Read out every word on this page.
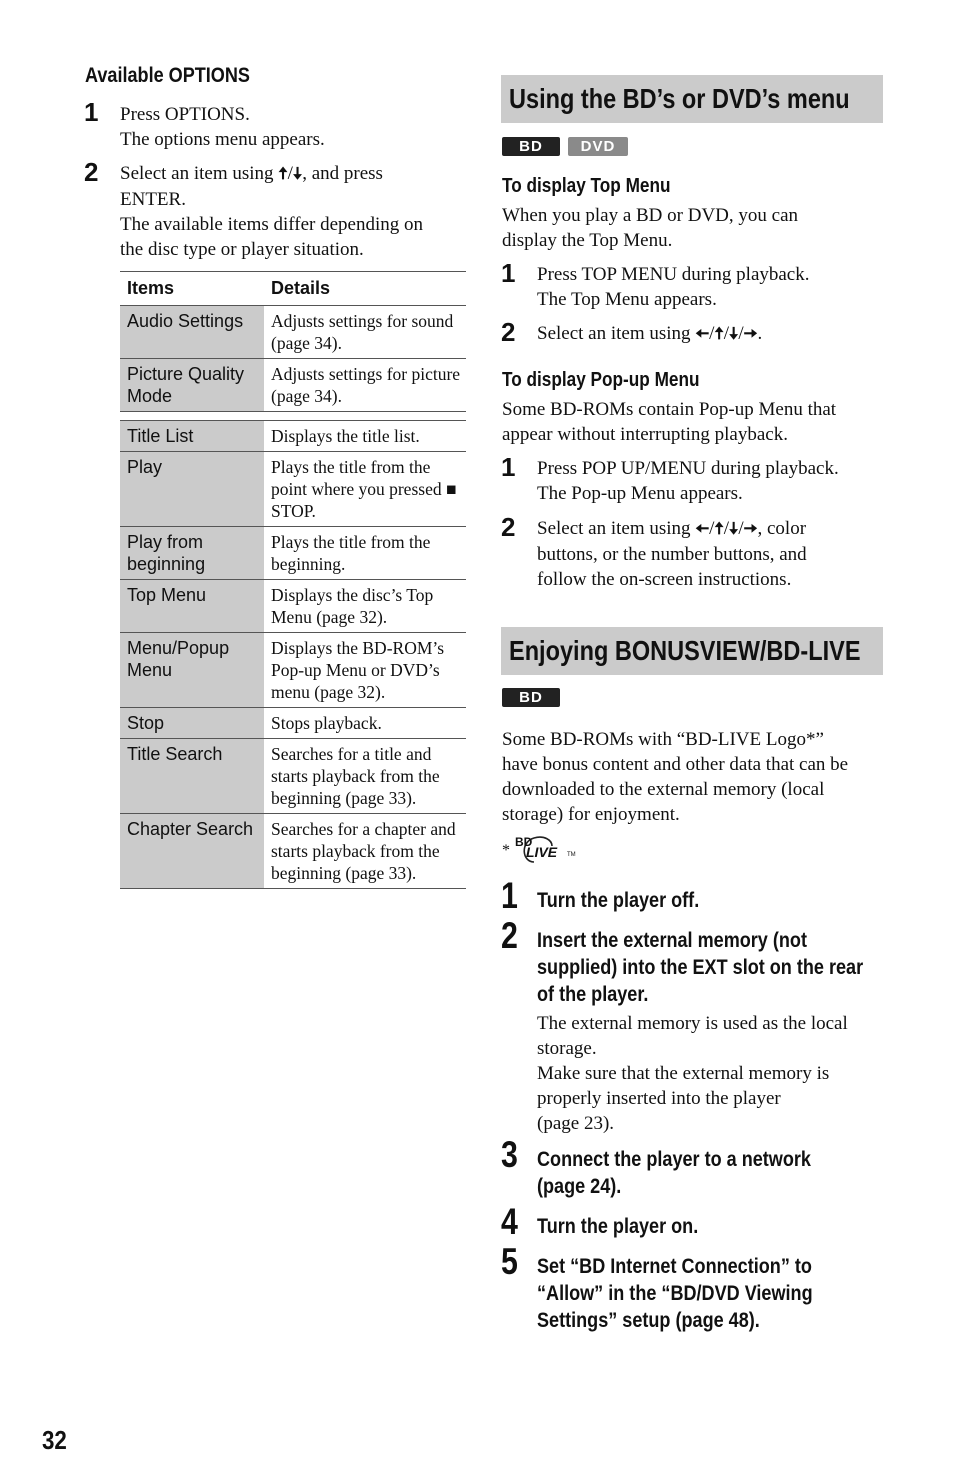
Available OPTIONS
1 Press OPTIONS.
The options menu appears.
2 Select an item using 🠅/🠇, and press
ENTER.
The available items differ depending on
the disc type or player situation.
Items	Details
Audio Settings	Adjusts settings for sound (page 34).
Picture Quality Mode	Adjusts settings for picture (page 34).

Title List	Displays the title list.
Play	Plays the title from the point where you pressed ■ STOP.
Play from beginning	Plays the title from the beginning.
Top Menu	Displays the disc’s Top Menu (page 32).
Menu/Popup Menu	Displays the BD-ROM’s Pop-up Menu or DVD’s menu (page 32).
Stop	Stops playback.
Title Search	Searches for a title and starts playback from the beginning (page 33).
Chapter Search	Searches for a chapter and starts playback from the beginning (page 33).
Using the BD’s or DVD’s menu
BD	DVD
To display Top Menu
When you play a BD or DVD, you can
display the Top Menu.
1 Press TOP MENU during playback.
The Top Menu appears.
2 Select an item using 🠄/🠅/🠇/🠆.
To display Pop-up Menu
Some BD-ROMs contain Pop-up Menu that
appear without interrupting playback.
1 Press POP UP/MENU during playback.
The Pop-up Menu appears.
2 Select an item using 🠄/🠅/🠇/🠆, color
buttons, or the number buttons, and
follow the on-screen instructions.
Enjoying BONUSVIEW/BD-LIVE
BD
Some BD-ROMs with “BD-LIVE Logo*”
have bonus content and other data that can be
downloaded to the external memory (local
storage) for enjoyment.
* BD
LIVE TM
1 Turn the player off.
2 Insert the external memory (not
supplied) into the EXT slot on the rear
of the player.
The external memory is used as the local
storage.
Make sure that the external memory is
properly inserted into the player
(page 23).
3 Connect the player to a network
(page 24).
4 Turn the player on.
5 Set “BD Internet Connection” to
“Allow” in the “BD/DVD Viewing
Settings” setup (page 48).
32
